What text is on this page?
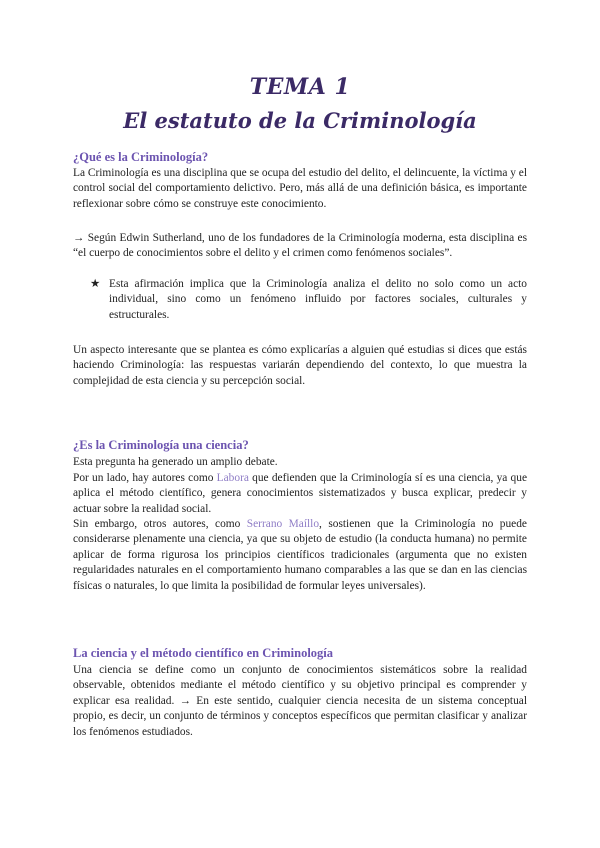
TEMA 1
El estatuto de la Criminología
¿Qué es la Criminología?
La Criminología es una disciplina que se ocupa del estudio del delito, el delincuente, la víctima y el control social del comportamiento delictivo. Pero, más allá de una definición básica, es importante reflexionar sobre cómo se construye este conocimiento.
→ Según Edwin Sutherland, uno de los fundadores de la Criminología moderna, esta disciplina es “el cuerpo de conocimientos sobre el delito y el crimen como fenómenos sociales”.
★ Esta afirmación implica que la Criminología analiza el delito no solo como un acto individual, sino como un fenómeno influido por factores sociales, culturales y estructurales.
Un aspecto interesante que se plantea es cómo explicarías a alguien qué estudias si dices que estás haciendo Criminología: las respuestas variarán dependiendo del contexto, lo que muestra la complejidad de esta ciencia y su percepción social.
¿Es la Criminología una ciencia?
Esta pregunta ha generado un amplio debate.
Por un lado, hay autores como Labora que defienden que la Criminología sí es una ciencia, ya que aplica el método científico, genera conocimientos sistematizados y busca explicar, predecir y actuar sobre la realidad social.
Sin embargo, otros autores, como Serrano Maíllo, sostienen que la Criminología no puede considerarse plenamente una ciencia, ya que su objeto de estudio (la conducta humana) no permite aplicar de forma rigurosa los principios científicos tradicionales (argumenta que no existen regularidades naturales en el comportamiento humano comparables a las que se dan en las ciencias físicas o naturales, lo que limita la posibilidad de formular leyes universales).
La ciencia y el método científico en Criminología
Una ciencia se define como un conjunto de conocimientos sistemáticos sobre la realidad observable, obtenidos mediante el método científico y su objetivo principal es comprender y explicar esa realidad. → En este sentido, cualquier ciencia necesita de un sistema conceptual propio, es decir, un conjunto de términos y conceptos específicos que permitan clasificar y analizar los fenómenos estudiados.
